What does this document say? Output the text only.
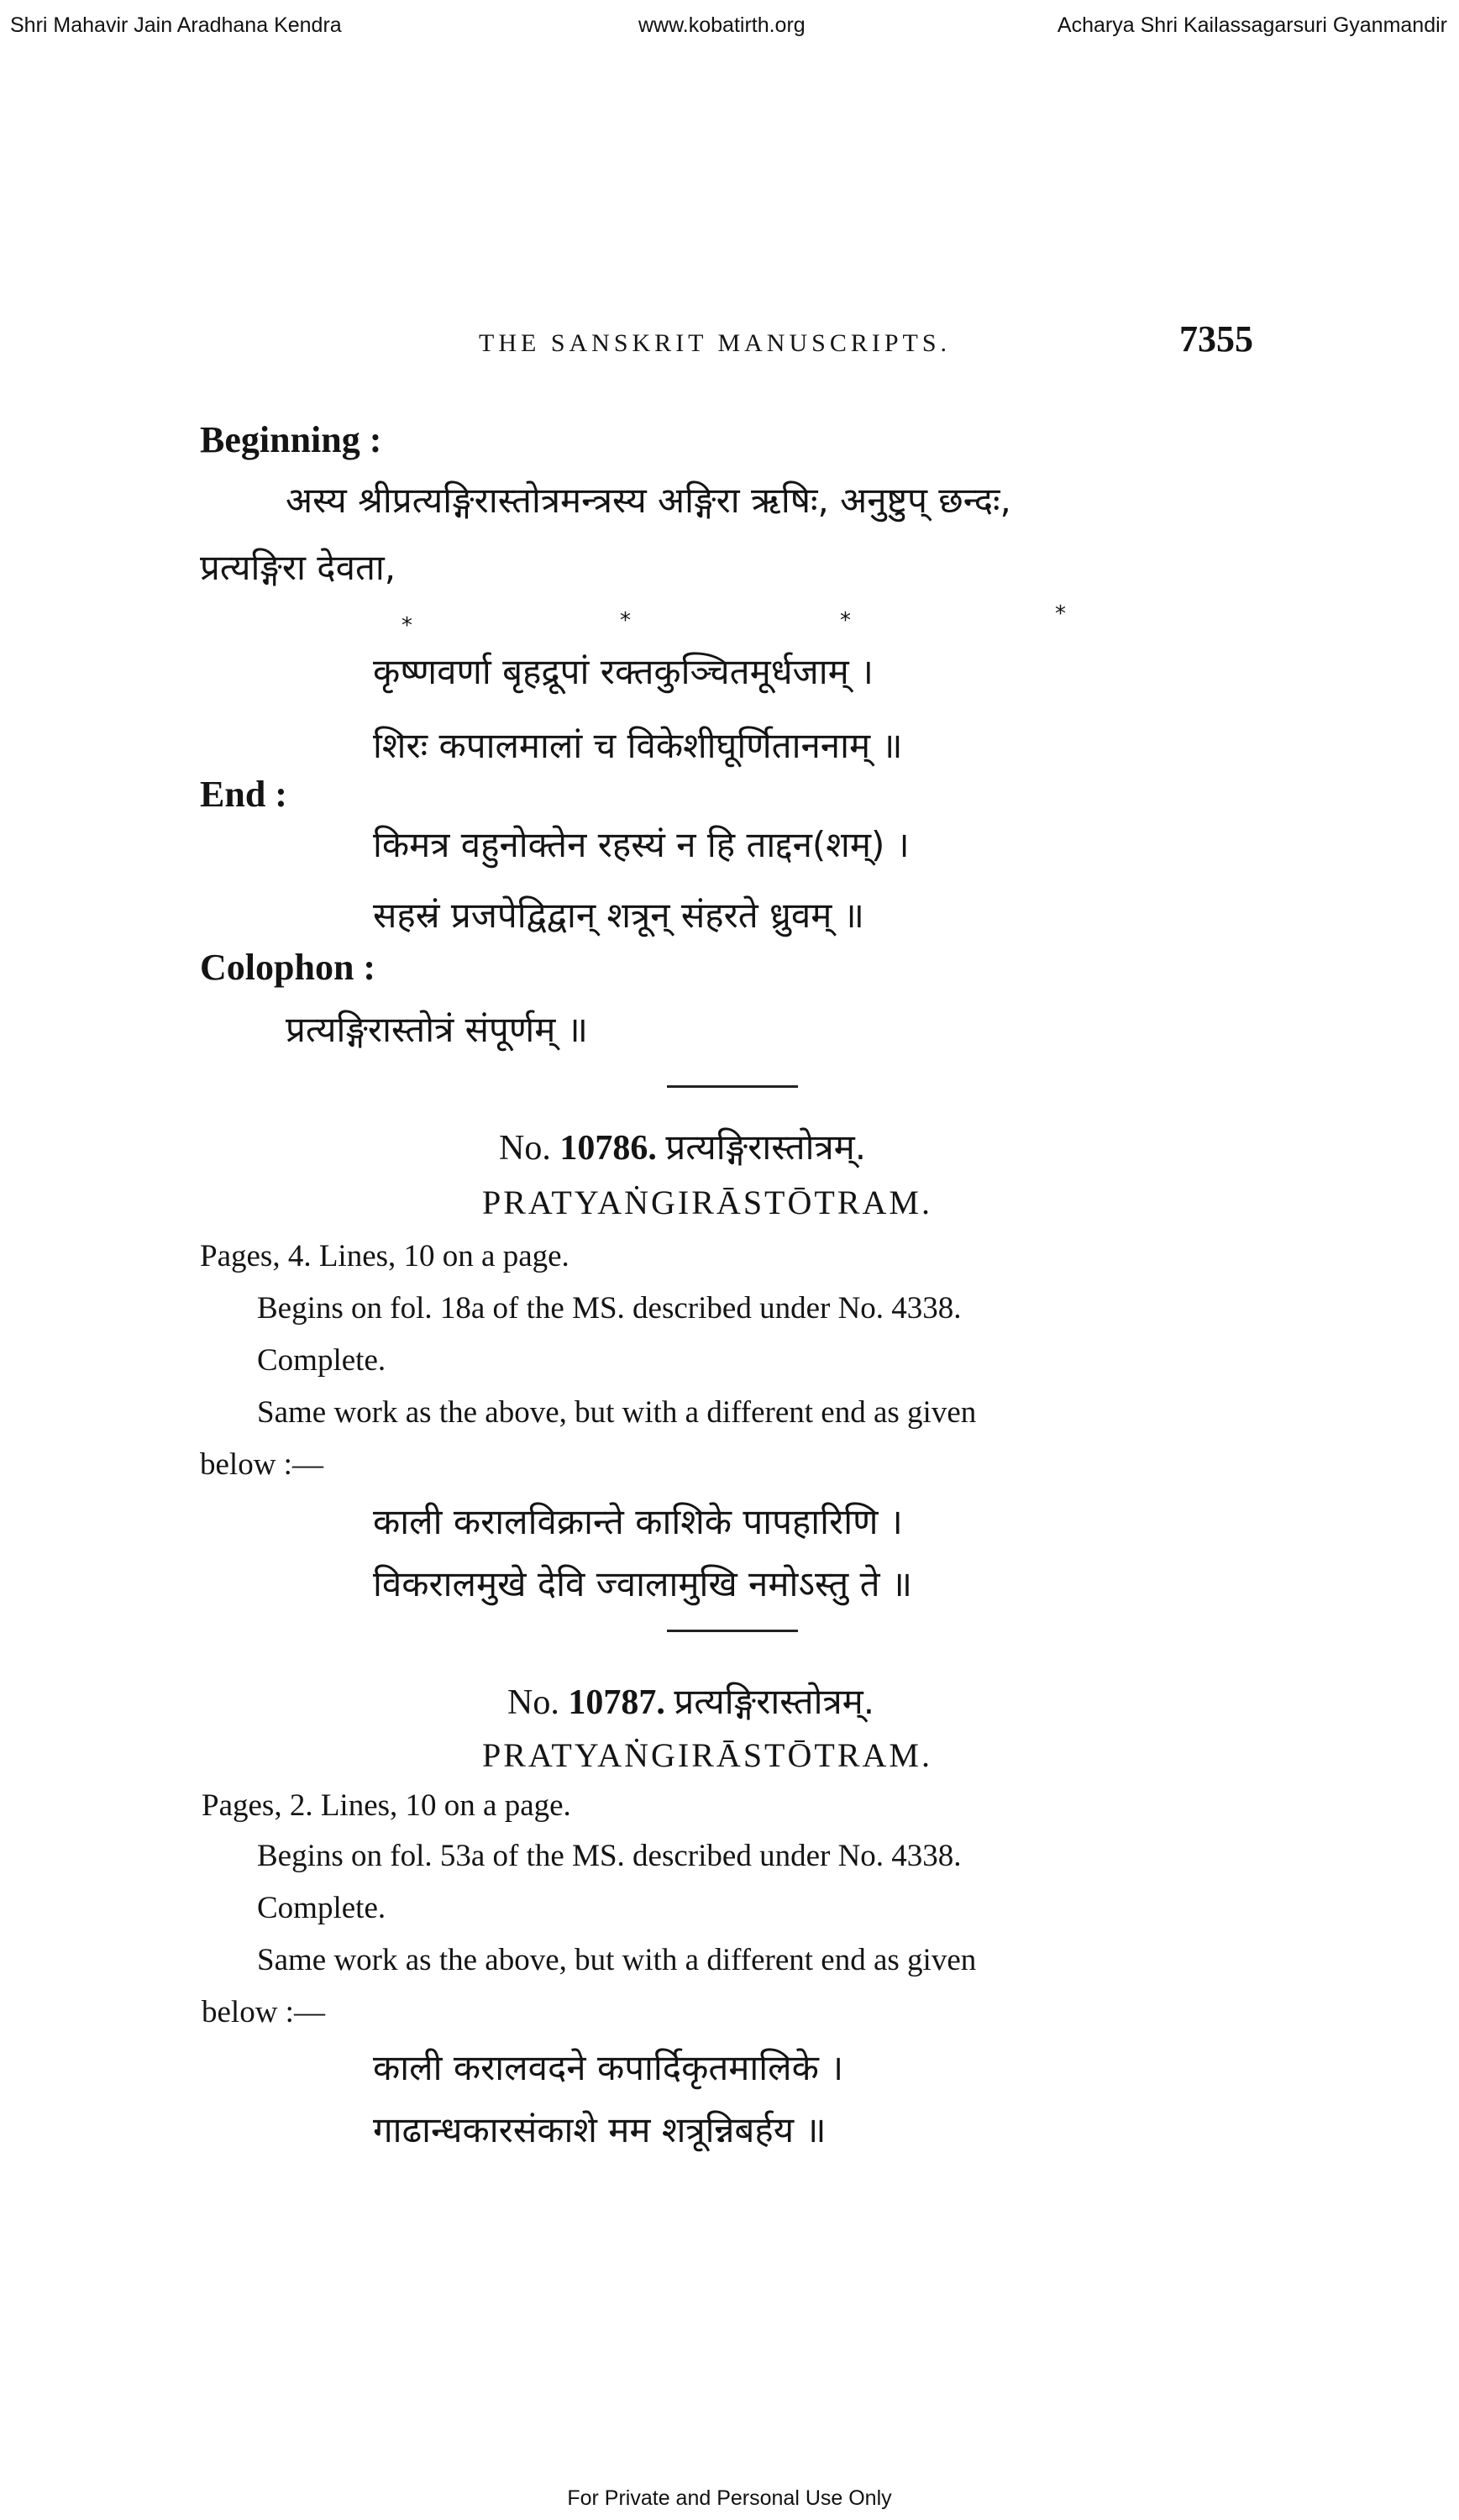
Shri Mahavir Jain Aradhana Kendra	www.kobatirth.org	Acharya Shri Kailassagarsuri Gyanmandir
THE SANSKRIT MANUSCRIPTS.	7355
Beginning :
अस्य श्रीप्रत्यङ्गिरास्तोत्रमन्त्रस्य अङ्गिरा ऋषिः, अनुष्टुप् छन्दः,
प्रत्यङ्गिरा देवता,
*	*	*	*
कृष्णवर्णा बृहद्रूपां रक्तकुञ्चितमूर्धजाम् ।
शिरः कपालमालां च विकेशीघूर्णिताननाम् ॥
End :
किमत्र वहुनोक्तेन रहस्यं न हि ताद्दन(शम्) ।
सहस्रं प्रजपेद्विद्वान् शत्रून् संहरते ध्रुवम् ॥
Colophon :
प्रत्यङ्गिरास्तोत्रं संपूर्णम् ॥
No. 10786. प्रत्यङ्गिरास्तोत्रम्.
PRATYAṄGIRĀSTŌTRAM.
Pages, 4. Lines, 10 on a page.
Begins on fol. 18a of the MS. described under No. 4338.
Complete.
Same work as the above, but with a different end as given
below :—
काली करालविक्रान्ते काशिके पापहारिणि ।
विकरालमुखे देवि ज्वालामुखि नमोऽस्तु ते ॥
No. 10787. प्रत्यङ्गिरास्तोत्रम्.
PRATYAṄGIRĀSTŌTRAM.
Pages, 2. Lines, 10 on a page.
Begins on fol. 53a of the MS. described under No. 4338.
Complete.
Same work as the above, but with a different end as given
below :—
काली करालवदने कपार्दिकृतमालिके ।
गाढान्धकारसंकाशे मम शत्रून्निबर्हय ॥
For Private and Personal Use Only
